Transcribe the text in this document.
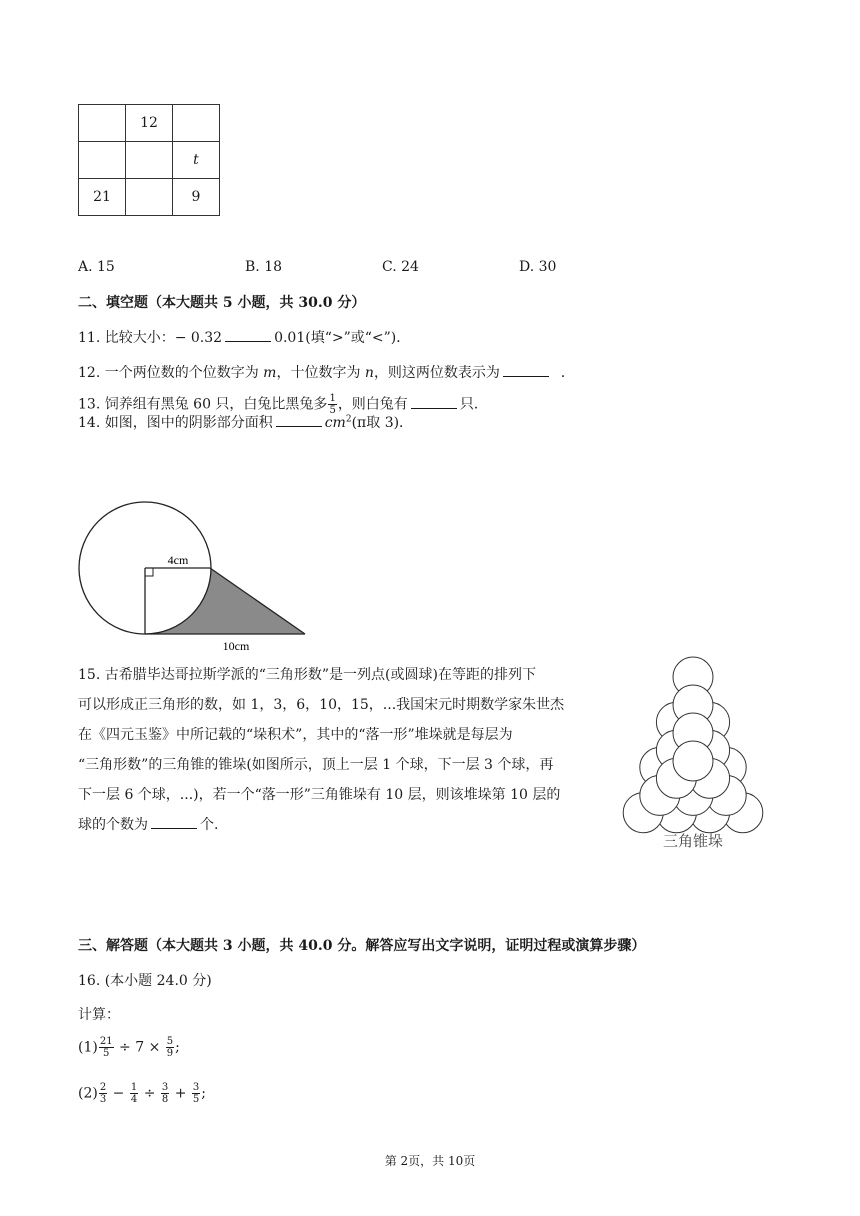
	12	
		t
21		9
A. 15	B. 18	C. 24	D. 30
二、填空题（本大题共 5 小题，共 30.0 分）
11. 比较大小：− 0.32	0.01(填“>”或“<”)．
12. 一个两位数的个位数字为 m，十位数字为 n，则这两位数表示为	．
13. 饲养组有黑兔 60 只，白兔比黑兔多 $\frac{1}{5}$ ，则白兔有	只.
14. 如图，图中的阴影部分面积	$cm^2(\pi$取 3)．
4cm
10cm
15. 古希腊毕达哥拉斯学派的“三角形数”是一列点(或圆球)在等距的排列下
可以形成正三角形的数，如 1，3，6，10，15，...我国宋元时期数学家朱世杰
在《四元玉鉴》中所记载的“垛积术”，其中的“落一形”堆垛就是每层为
“三角形数”的三角锥的锥垛(如图所示，顶上一层 1 个球，下一层 3 个球，再
下一层 6 个球，...)，若一个“落一形”三角锥垛有 10 层，则该堆垛第 10 层的
球的个数为	个.
三角锥垛
三、解答题（本大题共 3 小题，共 40.0 分。解答应写出文字说明，证明过程或演算步骤）
16. (本小题 24.0 分)
计算：
$(1) \frac{21}{5} \div 7 \times \frac{5}{9}$ ;
$(2) \frac{2}{3} - \frac{1}{4} \div \frac{3}{8} + \frac{3}{5}$ ;
第 2页，共 10页
